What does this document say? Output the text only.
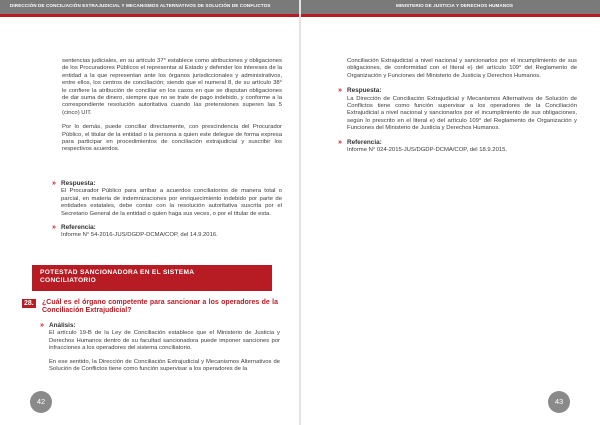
DIRECCIÓN DE CONCILIACIÓN EXTRAJUDICIAL Y MECANISMOS ALTERNATIVOS DE SOLUCIÓN DE CONFLICTOS

sentencias judiciales, en su artículo 37° establece como atribuciones y obligaciones de los Procuradores Públicos el representar al Estado y defender los intereses de la entidad a la que representan ante los órganos jurisdiccionales y administrativos, entre ellos, los centros de conciliación; siendo que el numeral 8, de su artículo 38° le confiere la atribución de conciliar en los casos en que se disputan obligaciones de dar suma de dinero, siempre que no se trate de pago indebido, y conforme a la correspondiente resolución autoritativa cuando las pretensiones superen las 5 (cinco) UIT.

Por lo demás, puede conciliar directamente, con prescindencia del Procurador Público, el titular de la entidad o la persona a quien este delegue de forma expresa para participar en procedimientos de conciliación extrajudicial y suscribir los respectivos acuerdos.

» Respuesta:
El Procurador Público para arribar a acuerdos conciliatorios de manera total o parcial, en materia de indemnizaciones por enriquecimiento indebido por parte de entidades estatales, debe contar con la resolución autoritativa suscrita por el Secretario General de la entidad o quien haga sus veces, o por el titular de esta.
» Referencia:
Informe N° 54-2016-JUS/DGDP-DCMA/COP, del 14.9.2016.
POTESTAD SANCIONADORA EN EL SISTEMA CONCILIATORIO
28. ¿Cuál es el órgano competente para sancionar a los operadores de la Conciliación Extrajudicial?
» Análisis:
El artículo 19-B de la Ley de Conciliación establece que el Ministerio de Justicia y Derechos Humanos dentro de su facultad sancionadora puede imponer sanciones por infracciones a los operadores del sistema conciliatorio.

En ese sentido, la Dirección de Conciliación Extrajudicial y Mecanismos Alternativos de Solución de Conflictos tiene como función supervisar a los operadores de la

42
MINISTERIO DE JUSTICIA Y DERECHOS HUMANOS

Conciliación Extrajudicial a nivel nacional y sancionarlos por el incumplimiento de sus obligaciones, de conformidad con el literal e) del artículo 109° del Reglamento de Organización y Funciones del Ministerio de Justicia y Derechos Humanos.

» Respuesta:
La Dirección de Conciliación Extrajudicial y Mecanismos Alternativos de Solución de Conflictos tiene como función supervisar a los operadores de la Conciliación Extrajudicial a nivel nacional y sancionarlos por el incumplimiento de sus obligaciones, según lo prescrito en el literal e) del artículo 109° del Reglamento de Organización y Funciones del Ministerio de Justicia y Derechos Humanos.
» Referencia:
Informe N° 024-2015-JUS/DGDP-DCMA/COP, del 18.9.2015.
43
